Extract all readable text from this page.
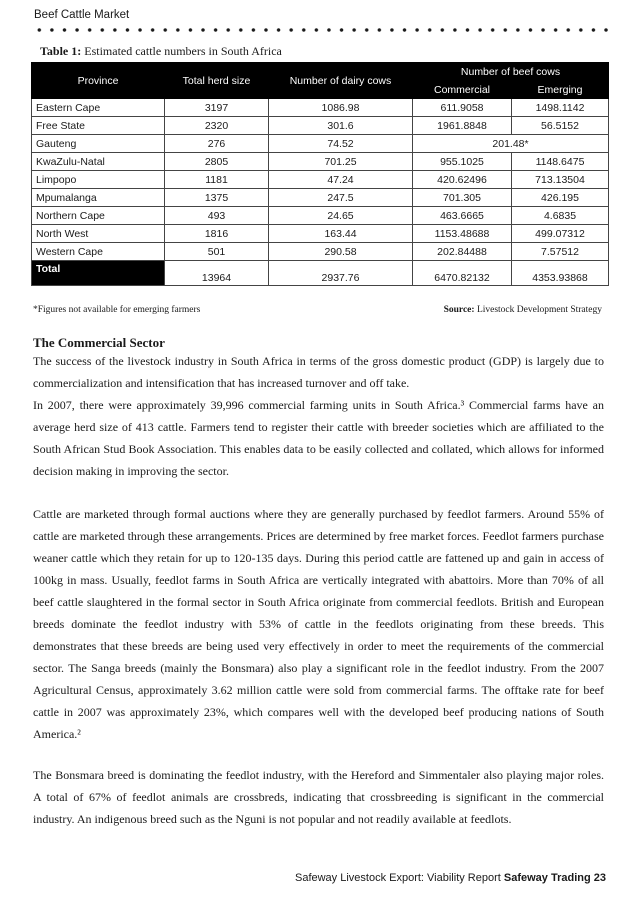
Beef Cattle Market
Table 1: Estimated cattle numbers in South Africa
Province	Total herd size	Number of dairy cows	Number of beef cows	
			Commercial	Emerging
Eastern Cape	3197	1086.98	611.9058	1498.1142
Free State	2320	301.6	1961.8848	56.5152
Gauteng	276	74.52	201.48*	
KwaZulu-Natal	2805	701.25	955.1025	1148.6475
Limpopo	1181	47.24	420.62496	713.13504
Mpumalanga	1375	247.5	701.305	426.195
Northern Cape	493	24.65	463.6665	4.6835
North West	1816	163.44	1153.48688	499.07312
Western Cape	501	290.58	202.84488	7.57512
Total	13964	2937.76	6470.82132	4353.93868
*Figures not available for emerging farmers	Source: Livestock Development Strategy
The Commercial Sector

The success of the livestock industry in South Africa in terms of the gross domestic product (GDP) is largely due to commercialization and intensification that has increased turnover and off take.

In 2007, there were approximately 39,996 commercial farming units in South Africa.³ Commercial farms have an average herd size of 413 cattle. Farmers tend to register their cattle with breeder societies which are affiliated to the South African Stud Book Association. This enables data to be easily collected and collated, which allows for informed decision making in improving the sector.

Cattle are marketed through formal auctions where they are generally purchased by feedlot farmers. Around 55% of cattle are marketed through these arrangements. Prices are determined by free market forces. Feedlot farmers purchase weaner cattle which they retain for up to 120-135 days. During this period cattle are fattened up and gain in access of 100kg in mass. Usually, feedlot farms in South Africa are vertically integrated with abattoirs. More than 70% of all beef cattle slaughtered in the formal sector in South Africa originate from commercial feedlots. British and European breeds dominate the feedlot industry with 53% of cattle in the feedlots originating from these breeds. This demonstrates that these breeds are being used very effectively in order to meet the requirements of the commercial sector. The Sanga breeds (mainly the Bonsmara) also play a significant role in the feedlot industry. From the 2007 Agricultural Census, approximately 3.62 million cattle were sold from commercial farms. The offtake rate for beef cattle in 2007 was approximately 23%, which compares well with the developed beef producing nations of South America.²

The Bonsmara breed is dominating the feedlot industry, with the Hereford and Simmentaler also playing major roles. A total of 67% of feedlot animals are crossbreds, indicating that crossbreeding is significant in the commercial industry. An indigenous breed such as the Nguni is not popular and not readily available at feedlots.

Safeway Livestock Export: Viability Report Safeway Trading 23
